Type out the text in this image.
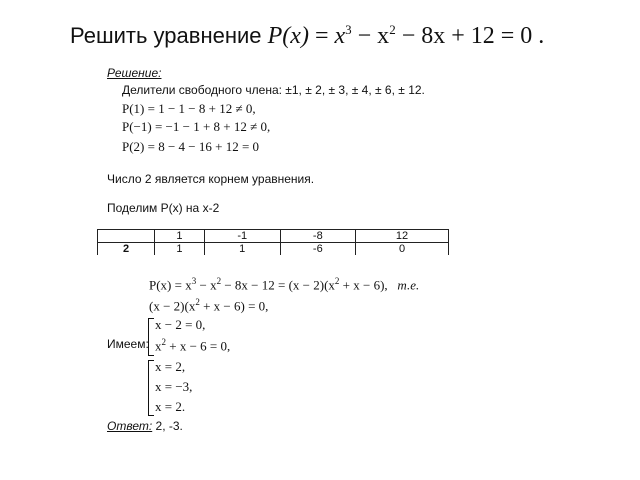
Решить уравнение $P(x) = x^3 - x^2 - 8x + 12 = 0$ .
Решение:
Делители свободного члена: ±1, ± 2, ± 3, ± 4, ± 6, ± 12.
P(1) = 1 − 1 − 8 + 12 ≠ 0,
P(−1) = −1 − 1 + 8 + 12 ≠ 0,
P(2) = 8 − 4 − 16 + 12 = 0
Число 2 является корнем уравнения.
Поделим Р(х) на х-2
	1	-1	-8	12
2	1	1	-6	0
$P(x) = x^3 - x^2 - 8x - 12 = (x - 2)(x^2 + x - 6)$, т.е.
$(x - 2)(x^2 + x - 6) = 0$,
x − 2 = 0,
$x^2 + x - 6 = 0$,
Имеем:
x = 2,
x = −3,
x = 2.
Ответ: 2, -3.
